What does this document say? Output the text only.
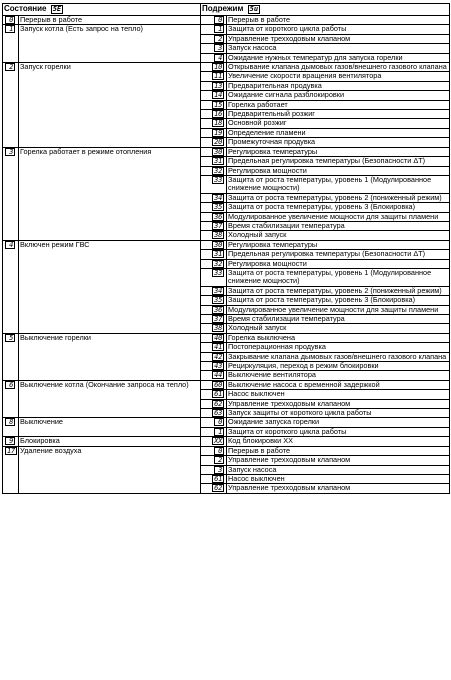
Состояние 5E		Подрежим 5u	
0	Перерыв в работе	0	Перерыв в работе
1	Запуск котла (Есть запрос на тепло)	1	Защита от короткого цикла работы
		2	Управление трехходовым клапаном
		3	Запуск насоса
		4	Ожидание нужных температур для запуска горелки
2	Запуск горелки	10	Открывание клапана дымовых газов/внешнего газового клапана
		11	Увеличение скорости вращения вентилятора
		13	Предварительная продувка
		14	Ожидание сигнала разблокировки
		15	Горелка работает
		16	Предварительный розжиг
		18	Основной розжиг
		19	Определение пламени
		20	Промежуточная продувка
3	Горелка работает в режиме отопления	30	Регулировка температуры
		31	Предельная регулировка температуры (Безопасности ΔT)
		32	Регулировка мощности
		33	Защита от роста температуры, уровень 1 (Модулированное снижение мощности)
		34	Защита от роста температуры, уровень 2 (пониженный режим)
		35	Защита от роста температуры, уровень 3 (Блокировка)
		36	Модулированное увеличение мощности для защиты пламени
		37	Время стабилизации температура
		38	Холодный запуск
4	Включен режим ГВС	30	Регулировка температуры
		31	Предельная регулировка температуры (Безопасности ΔT)
		32	Регулировка мощности
		33	Защита от роста температуры, уровень 1 (Модулированное снижение мощности)
		34	Защита от роста температуры, уровень 2 (пониженный режим)
		35	Защита от роста температуры, уровень 3 (Блокировка)
		36	Модулированное увеличение мощности для защиты пламени
		37	Время стабилизации температура
		38	Холодный запуск
5	Выключение горелки	40	Горелка выключена
		41	Постоперационная продувка
		42	Закрывание клапана дымовых газов/внешнего газового клапана
		43	Рециркуляция, переход в режим блокировки
		44	Выключение вентилятора
6	Выключение котла (Окончание запроса на тепло)	60	Выключение насоса с временной задержкой
		61	Насос выключен
		62	Управление трехходовым клапаном
		63	Запуск защиты от короткого цикла работы
8	Выключение	0	Ожидание запуска горелки
		1	Защита от короткого цикла работы
9	Блокировка	XX	Код блокировки XX
17	Удаление воздуха	0	Перерыв в работе
		2	Управление трехходовым клапаном
		3	Запуск насоса
		61	Насос выключен
		62	Управление трехходовым клапаном
